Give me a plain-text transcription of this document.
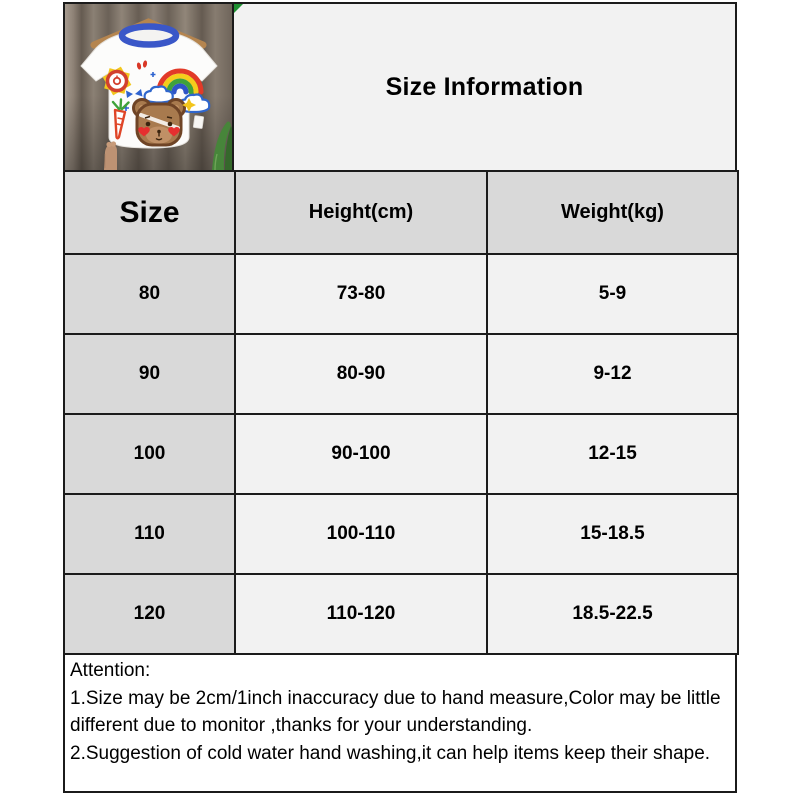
Size Information
Size	Height(cm)	Weight(kg)
80	73-80	5-9
90	80-90	9-12
100	90-100	12-15
110	100-110	15-18.5
120	110-120	18.5-22.5
Attention:
1.Size may be 2cm/1inch inaccuracy due to hand measure,Color may be little different due to monitor ,thanks for your understanding.
2.Suggestion of cold water hand washing,it can help items keep their shape.
